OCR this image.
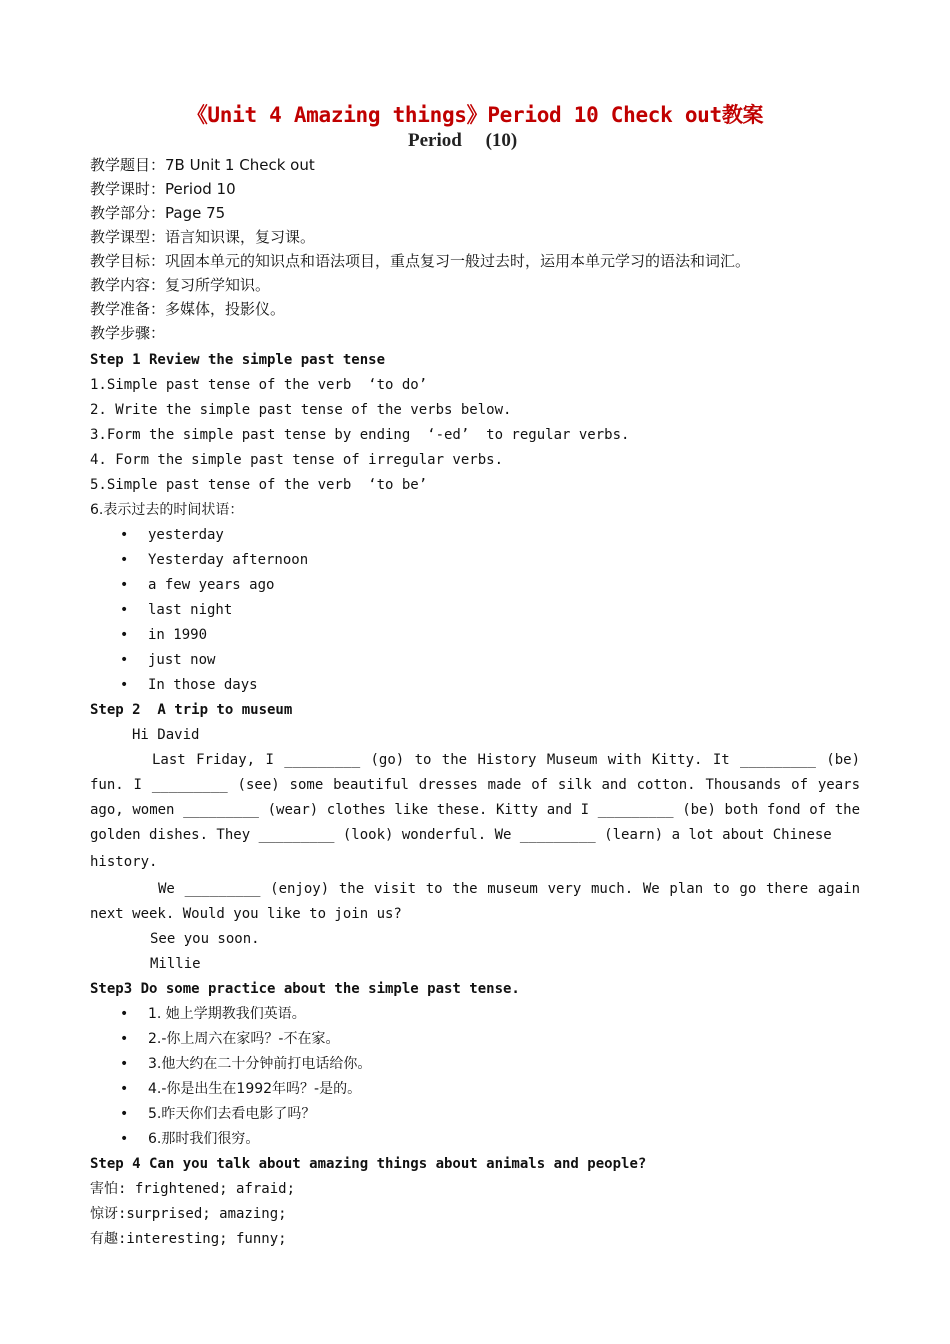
《Unit 4 Amazing things》Period 10 Check out教案
Period     (10)
教学题目：7B Unit 1 Check out
教学课时：Period 10
教学部分：Page 75
教学课型：语言知识课，复习课。
教学目标：巩固本单元的知识点和语法项目，重点复习一般过去时，运用本单元学习的语法和词汇。
教学内容：复习所学知识。
教学准备：多媒体，投影仪。
教学步骤：
Step 1 Review the simple past tense
1.Simple past tense of the verb  ‘to do’
2. Write the simple past tense of the verbs below.
3.Form the simple past tense by ending  ‘-ed’  to regular verbs.
4. Form the simple past tense of irregular verbs.
5.Simple past tense of the verb  ‘to be’
6.表示过去的时间状语：
• yesterday
• Yesterday afternoon
• a few years ago
• last night
• in 1990
• just now
• In those days
Step 2  A trip to museum
Hi David
Last Friday, I _________ (go) to the History Museum with Kitty. It _________ (be) fun. I _________ (see) some beautiful dresses made of silk and cotton. Thousands of years ago, women _________ (wear) clothes like these. Kitty and I _________ (be) both fond of the golden dishes. They _________ (look) wonderful. We _________ (learn) a lot about Chinese
history.
We _________ (enjoy) the visit to the museum very much. We plan to go there again next week. Would you like to join us?
See you soon.
Millie
Step3 Do some practice about the simple past tense.
• 1. 她上学期教我们英语。
• 2.-你上周六在家吗？-不在家。
• 3.他大约在二十分钟前打电话给你。
• 4.-你是出生在1992年吗？-是的。
• 5.昨天你们去看电影了吗？
• 6.那时我们很穷。
Step 4 Can you talk about amazing things about animals and people?
害怕: frightened; afraid;
惊讶:surprised; amazing;
有趣:interesting; funny;
